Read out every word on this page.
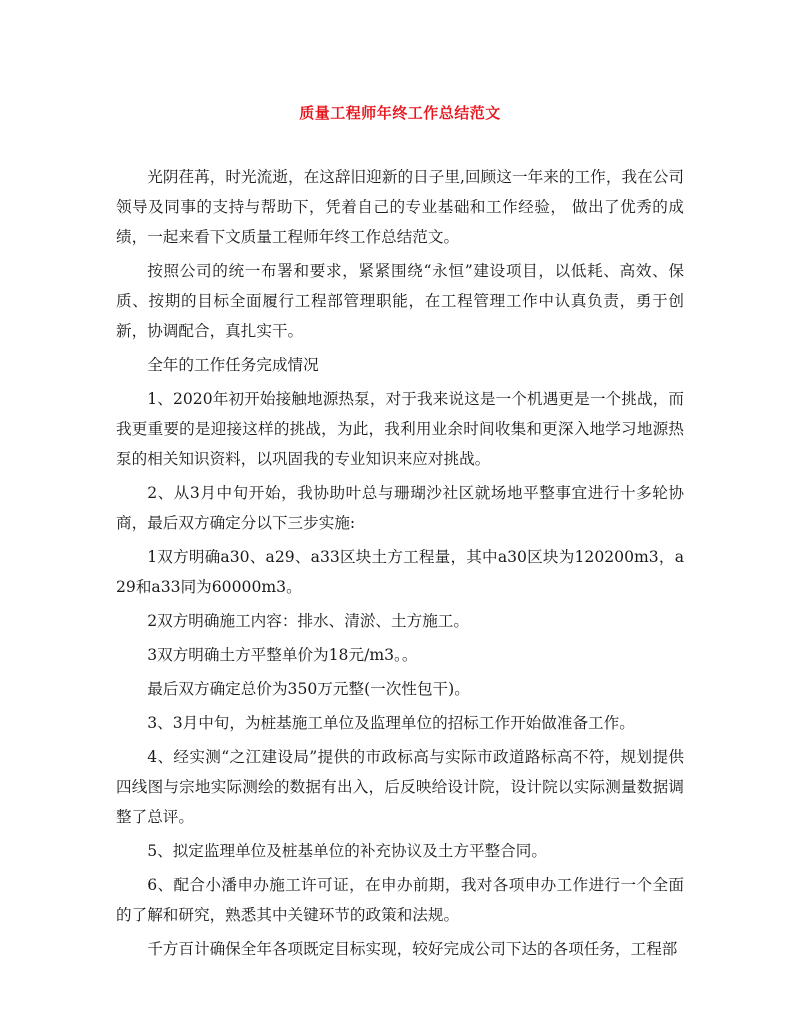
质量工程师年终工作总结范文

光阴荏苒，时光流逝，在这辞旧迎新的日子里,回顾这一年来的工作，我在公司领导及同事的支持与帮助下，凭着自己的专业基础和工作经验， 做出了优秀的成绩，一起来看下文质量工程师年终工作总结范文。

按照公司的统一布署和要求，紧紧围绕“永恒”建设项目，以低耗、高效、保质、按期的目标全面履行工程部管理职能，在工程管理工作中认真负责，勇于创新，协调配合，真扎实干。

全年的工作任务完成情况

1、2020年初开始接触地源热泵，对于我来说这是一个机遇更是一个挑战，而我更重要的是迎接这样的挑战，为此，我利用业余时间收集和更深入地学习地源热泵的相关知识资料，以巩固我的专业知识来应对挑战。

2、从3月中旬开始，我协助叶总与珊瑚沙社区就场地平整事宜进行十多轮协商，最后双方确定分以下三步实施:

1双方明确a30、a29、a33区块土方工程量，其中a30区块为120200m3，a29和a33同为60000m3。

2双方明确施工内容：排水、清淤、土方施工。

3双方明确土方平整单价为18元/m3。。

最后双方确定总价为350万元整(一次性包干)。

3、3月中旬，为桩基施工单位及监理单位的招标工作开始做准备工作。

4、经实测“之江建设局”提供的市政标高与实际市政道路标高不符，规划提供四线图与宗地实际测绘的数据有出入，后反映给设计院，设计院以实际测量数据调整了总评。

5、拟定监理单位及桩基单位的补充协议及土方平整合同。

6、配合小潘申办施工许可证，在申办前期，我对各项申办工作进行一个全面的了解和研究，熟悉其中关键环节的政策和法规。

千方百计确保全年各项既定目标实现，较好完成公司下达的各项任务，工程部
